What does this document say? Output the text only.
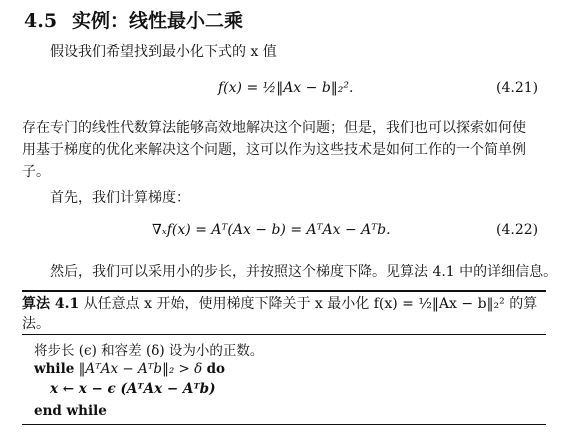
4.5 实例：线性最小二乘
假设我们希望找到最小化下式的 x 值
f(x) = ½‖Ax − b‖₂².	(4.21)
存在专门的线性代数算法能够高效地解决这个问题；但是，我们也可以探索如何使
用基于梯度的优化来解决这个问题，这可以作为这些技术是如何工作的一个简单例
子。
首先，我们计算梯度：
∇ₓf(x) = Aᵀ(Ax − b) = AᵀAx − Aᵀb.	(4.22)
然后，我们可以采用小的步长，并按照这个梯度下降。见算法 4.1 中的详细信息。
算法 4.1 从任意点 x 开始，使用梯度下降关于 x 最小化 f(x) = ½‖Ax − b‖₂² 的算
法。
将步长 (ϵ) 和容差 (δ) 设为小的正数。
while ‖AᵀAx − Aᵀb‖₂ > δ do
x ← x − ϵ (AᵀAx − Aᵀb)
end while
